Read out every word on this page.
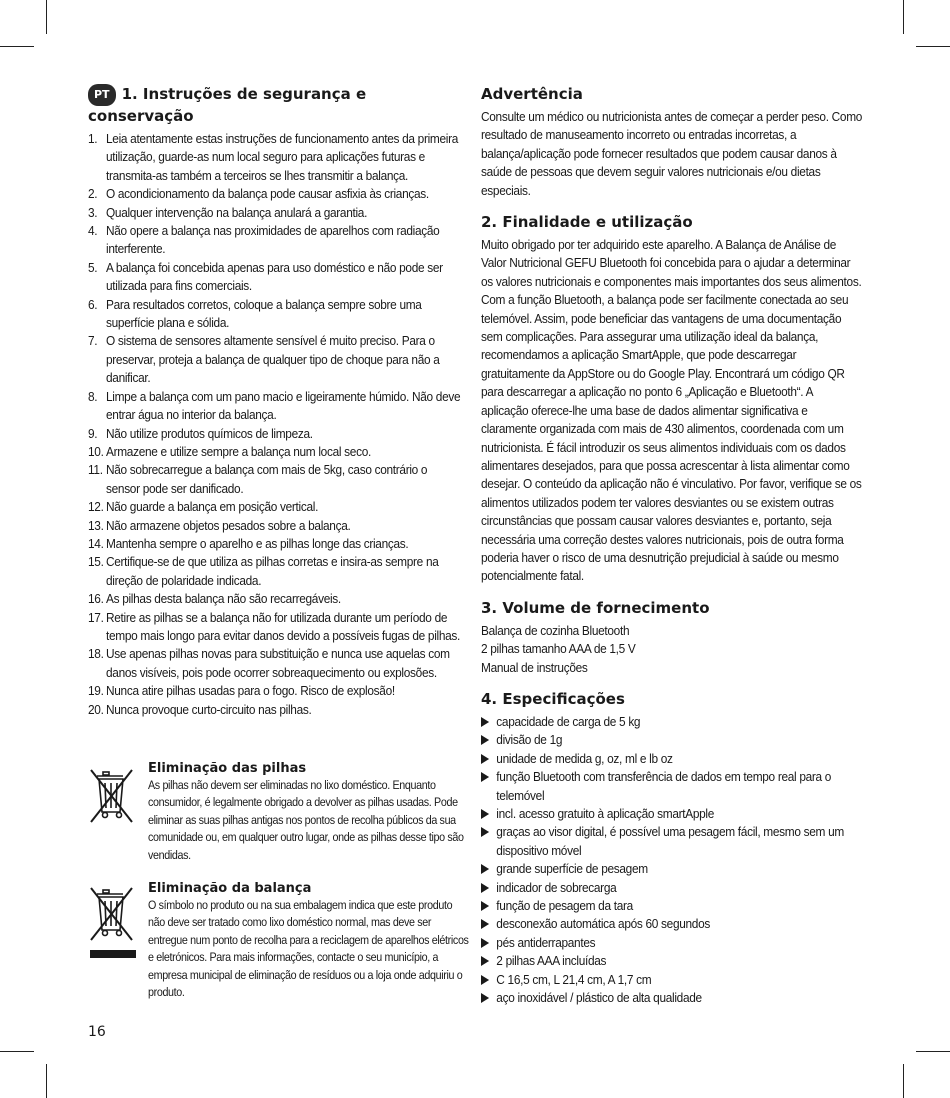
PT 1. Instruções de segurança e conservação
1. Leia atentamente estas instruções de funcionamento antes da primeira utilização, guarde-as num local seguro para aplicações futuras e transmita-as também a terceiros se lhes transmitir a balança.
2. O acondicionamento da balança pode causar asfixia às crianças.
3. Qualquer intervenção na balança anulará a garantia.
4. Não opere a balança nas proximidades de aparelhos com radiação interferente.
5. A balança foi concebida apenas para uso doméstico e não pode ser utilizada para fins comerciais.
6. Para resultados corretos, coloque a balança sempre sobre uma superfície plana e sólida.
7. O sistema de sensores altamente sensível é muito preciso. Para o preservar, proteja a balança de qualquer tipo de choque para não a danificar.
8. Limpe a balança com um pano macio e ligeiramente húmido. Não deve entrar água no interior da balança.
9. Não utilize produtos químicos de limpeza.
10. Armazene e utilize sempre a balança num local seco.
11. Não sobrecarregue a balança com mais de 5kg, caso contrário o sensor pode ser danificado.
12. Não guarde a balança em posição vertical.
13. Não armazene objetos pesados sobre a balança.
14. Mantenha sempre o aparelho e as pilhas longe das crianças.
15. Certifique-se de que utiliza as pilhas corretas e insira-as sempre na direção de polaridade indicada.
16. As pilhas desta balança não são recarregáveis.
17. Retire as pilhas se a balança não for utilizada durante um período de tempo mais longo para evitar danos devido a possíveis fugas de pilhas.
18. Use apenas pilhas novas para substituição e nunca use aquelas com danos visíveis, pois pode ocorrer sobreaquecimento ou explosões.
19. Nunca atire pilhas usadas para o fogo. Risco de explosão!
20. Nunca provoque curto-circuito nas pilhas.

Eliminação das pilhas

As pilhas não devem ser eliminadas no lixo doméstico. Enquanto consumidor, é legalmente obrigado a devolver as pilhas usadas. Pode eliminar as suas pilhas antigas nos pontos de recolha públicos da sua comunidade ou, em qualquer outro lugar, onde as pilhas desse tipo são vendidas.

Eliminação da balança

O símbolo no produto ou na sua embalagem indica que este produto não deve ser tratado como lixo doméstico normal, mas deve ser entregue num ponto de recolha para a reciclagem de aparelhos elétricos e eletrónicos. Para mais informações, contacte o seu município, a empresa municipal de eliminação de resíduos ou a loja onde adquiriu o produto.
Advertência
Consulte um médico ou nutricionista antes de começar a perder peso. Como resultado de manuseamento incorreto ou entradas incorretas, a balança/aplicação pode fornecer resultados que podem causar danos à saúde de pessoas que devem seguir valores nutricionais e/ou dietas especiais.
2. Finalidade e utilização
Muito obrigado por ter adquirido este aparelho. A Balança de Análise de Valor Nutricional GEFU Bluetooth foi concebida para o ajudar a determinar os valores nutricionais e componentes mais importantes dos seus alimentos. Com a função Bluetooth, a balança pode ser facilmente conectada ao seu telemóvel. Assim, pode beneficiar das vantagens de uma documentação sem complicações. Para assegurar uma utilização ideal da balança, recomendamos a aplicação SmartApple, que pode descarregar gratuitamente da AppStore ou do Google Play. Encontrará um código QR para descarregar a aplicação no ponto 6 „Aplicação e Bluetooth“. A aplicação oferece-lhe uma base de dados alimentar significativa e claramente organizada com mais de 430 alimentos, coordenada com um nutricionista. É fácil introduzir os seus alimentos individuais com os dados alimentares desejados, para que possa acrescentar à lista alimentar como desejar. O conteúdo da aplicação não é vinculativo. Por favor, verifique se os alimentos utilizados podem ter valores desviantes ou se existem outras circunstâncias que possam causar valores desviantes e, portanto, seja necessária uma correção destes valores nutricionais, pois de outra forma poderia haver o risco de uma desnutrição prejudicial à saúde ou mesmo potencialmente fatal.
3. Volume de fornecimento
Balança de cozinha Bluetooth
2 pilhas tamanho AAA de 1,5 V
Manual de instruções
4. Especificações
capacidade de carga de 5 kg
divisão de 1g
unidade de medida g, oz, ml e lb oz
função Bluetooth com transferência de dados em tempo real para o telemóvel
incl. acesso gratuito à aplicação smartApple
graças ao visor digital, é possível uma pesagem fácil, mesmo sem um dispositivo móvel
grande superfície de pesagem
indicador de sobrecarga
função de pesagem da tara
desconexão automática após 60 segundos
pés antiderrapantes
2 pilhas AAA incluídas
C 16,5 cm, L 21,4 cm, A 1,7 cm
aço inoxidável / plástico de alta qualidade
16
